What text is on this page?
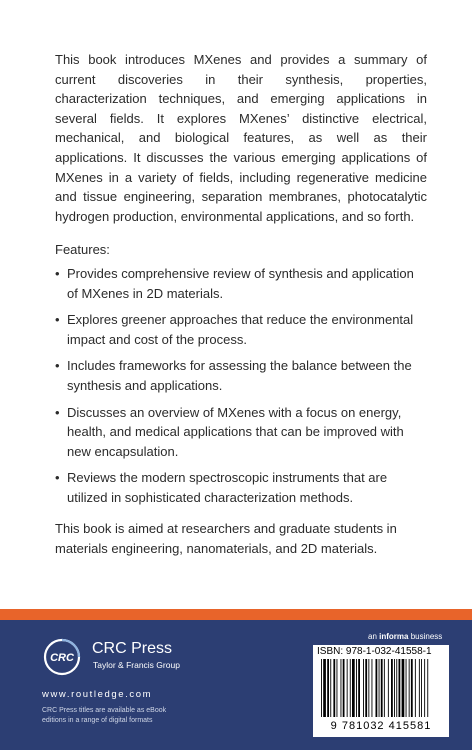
This book introduces MXenes and provides a summary of current discoveries in their synthesis, properties, characterization techniques, and emerging applications in several fields. It explores MXenes’ distinctive electrical, mechanical, and biological features, as well as their applications. It discusses the various emerging applications of MXenes in a variety of fields, including regenerative medicine and tissue engineering, separation membranes, photocatalytic hydrogen production, environmental applications, and so forth.

Features:

• Provides comprehensive review of synthesis and application of MXenes in 2D materials.
• Explores greener approaches that reduce the environmental impact and cost of the process.
• Includes frameworks for assessing the balance between the synthesis and applications.
• Discusses an overview of MXenes with a focus on energy, health, and medical applications that can be improved with new encapsulation.
• Reviews the modern spectroscopic instruments that are utilized in sophisticated characterization methods.

This book is aimed at researchers and graduate students in materials engineering, nanomaterials, and 2D materials.

CRC
CRC Press
Taylor & Francis Group
www.routledge.com
CRC Press titles are available as eBook editions in a range of digital formats
an informa business
ISBN: 978-1-032-41558-1
9 781032 415581
